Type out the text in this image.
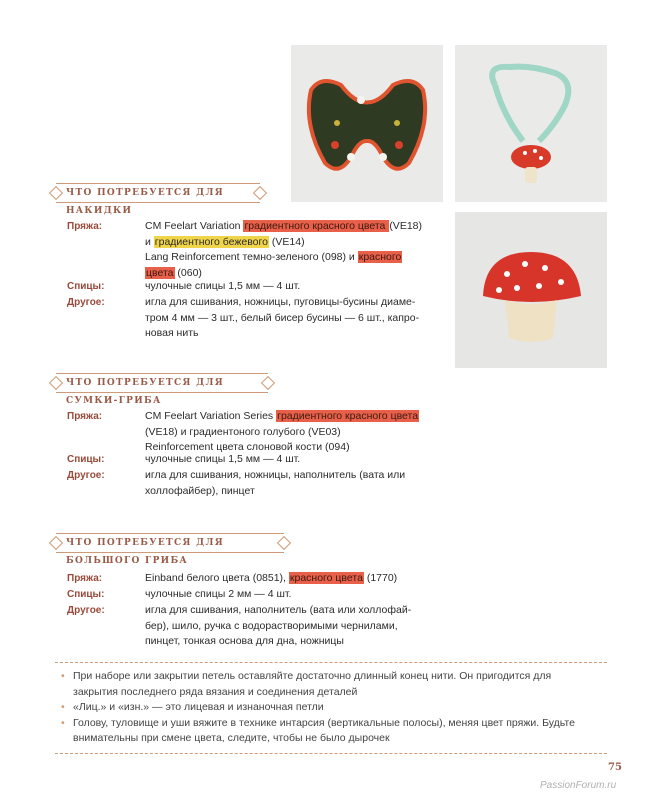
ЧТО ПОТРЕБУЕТСЯ ДЛЯ НАКИДКИ
Пряжа:	CM Feelart Variation градиентного красного цвета (VE18)
и градиентного бежевого (VE14)
Lang Reinforcement темно-зеленого (098) и красного
цвета (060)
Спицы:	чулочные спицы 1,5 мм — 4 шт.
Другое:	игла для сшивания, ножницы, пуговицы-бусины диаме-
тром 4 мм — 3 шт., белый бисер бусины — 6 шт., капро-
новая нить
ЧТО ПОТРЕБУЕТСЯ ДЛЯ СУМКИ-ГРИБА
Пряжа:	CM Feelart Variation Series градиентного красного цвета
(VE18) и градиентоного голубого (VE03)
Reinforcement цвета слоновой кости (094)
Спицы:	чулочные спицы 1,5 мм — 4 шт.
Другое:	игла для сшивания, ножницы, наполнитель (вата или
холлофайбер), пинцет
ЧТО ПОТРЕБУЕТСЯ ДЛЯ БОЛЬШОГО ГРИБА
Пряжа:	Einband белого цвета (0851), красного цвета (1770)
Спицы:	чулочные спицы 2 мм — 4 шт.
Другое:	игла для сшивания, наполнитель (вата или холлофай-
бер), шило, ручка с водорастворимыми чернилами,
пинцет, тонкая основа для дна, ножницы
• При наборе или закрытии петель оставляйте достаточно длинный конец нити. Он пригодится для
закрытия последнего ряда вязания и соединения деталей
• «Лиц.» и «изн.» — это лицевая и изнаночная петли
• Голову, туловище и уши вяжите в технике интарсия (вертикальные полосы), меняя цвет пряжи. Будьте
внимательны при смене цвета, следите, чтобы не было дырочек
75
PassionForum.ru
